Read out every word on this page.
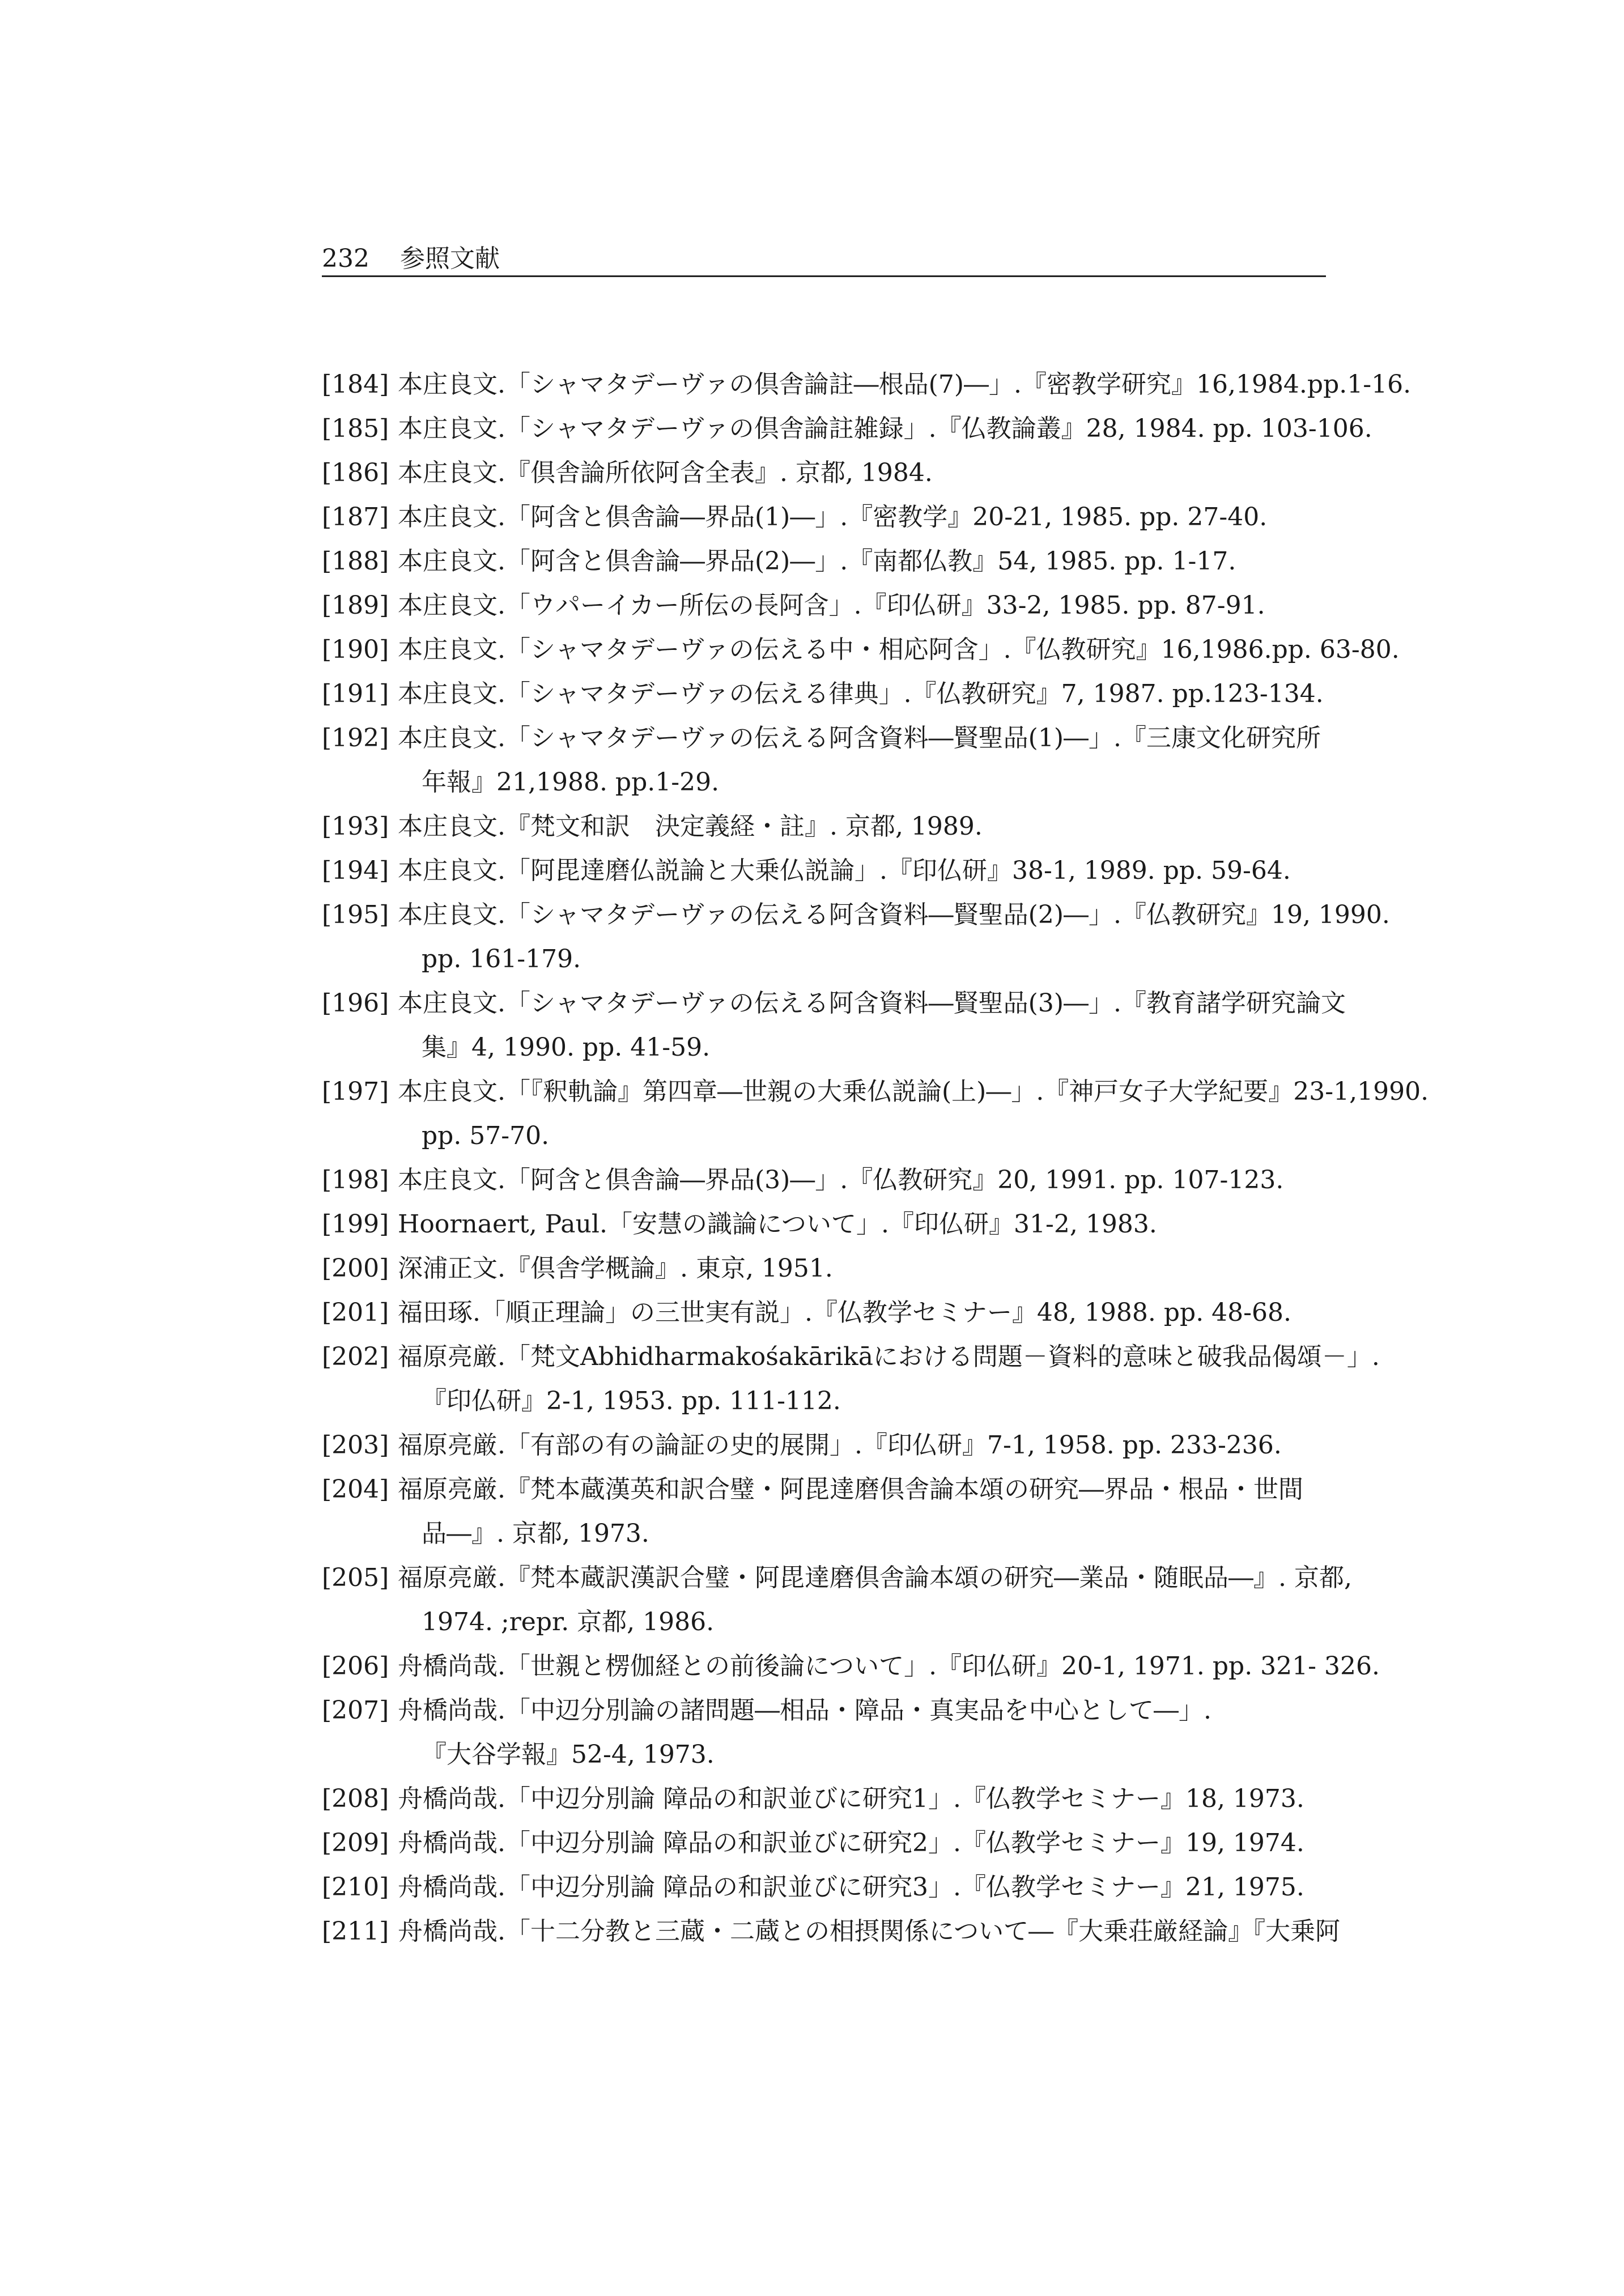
232 参照文献
[184] 本庄良文.「シャマタデーヴァの倶舎論註―根品(7)―」.『密教学研究』16,1984.pp.1-16.
[185] 本庄良文.「シャマタデーヴァの倶舎論註雑録」.『仏教論叢』28, 1984. pp. 103-106.
[186] 本庄良文.『倶舎論所依阿含全表』. 京都, 1984.
[187] 本庄良文.「阿含と倶舎論―界品(1)―」.『密教学』20-21, 1985. pp. 27-40.
[188] 本庄良文.「阿含と倶舎論―界品(2)―」.『南都仏教』54, 1985. pp. 1-17.
[189] 本庄良文.「ウパーイカー所伝の長阿含」.『印仏研』33-2, 1985. pp. 87-91.
[190] 本庄良文.「シャマタデーヴァの伝える中・相応阿含」.『仏教研究』16,1986.pp. 63-80.
[191] 本庄良文.「シャマタデーヴァの伝える律典」.『仏教研究』7, 1987. pp.123-134.
[192] 本庄良文.「シャマタデーヴァの伝える阿含資料―賢聖品(1)―」.『三康文化研究所
年報』21,1988. pp.1-29.
[193] 本庄良文.『梵文和訳　決定義経・註』. 京都, 1989.
[194] 本庄良文.「阿毘達磨仏説論と大乗仏説論」.『印仏研』38-1, 1989. pp. 59-64.
[195] 本庄良文.「シャマタデーヴァの伝える阿含資料―賢聖品(2)―」.『仏教研究』19, 1990.
pp. 161-179.
[196] 本庄良文.「シャマタデーヴァの伝える阿含資料―賢聖品(3)―」.『教育諸学研究論文
集』4, 1990. pp. 41-59.
[197] 本庄良文.「『釈軌論』第四章―世親の大乗仏説論(上)―」.『神戸女子大学紀要』23-1,1990.
pp. 57-70.
[198] 本庄良文.「阿含と倶舎論―界品(3)―」.『仏教研究』20, 1991. pp. 107-123.
[199] Hoornaert, Paul.「安慧の識論について」.『印仏研』31-2, 1983.
[200] 深浦正文.『倶舎学概論』. 東京, 1951.
[201] 福田琢.「順正理論」の三世実有説」.『仏教学セミナー』48, 1988. pp. 48-68.
[202] 福原亮厳.「梵文Abhidharmakośakārikāにおける問題－資料的意味と破我品偈頌－」.
『印仏研』2-1, 1953. pp. 111-112.
[203] 福原亮厳.「有部の有の論証の史的展開」.『印仏研』7-1, 1958. pp. 233-236.
[204] 福原亮厳.『梵本蔵漢英和訳合璧・阿毘達磨倶舎論本頌の研究―界品・根品・世間
品―』. 京都, 1973.
[205] 福原亮厳.『梵本蔵訳漢訳合璧・阿毘達磨倶舎論本頌の研究―業品・随眠品―』. 京都,
1974. ;repr. 京都, 1986.
[206] 舟橋尚哉.「世親と楞伽経との前後論について」.『印仏研』20-1, 1971. pp. 321- 326.
[207] 舟橋尚哉.「中辺分別論の諸問題―相品・障品・真実品を中心として―」.
『大谷学報』52-4, 1973.
[208] 舟橋尚哉.「中辺分別論 障品の和訳並びに研究1」.『仏教学セミナー』18, 1973.
[209] 舟橋尚哉.「中辺分別論 障品の和訳並びに研究2」.『仏教学セミナー』19, 1974.
[210] 舟橋尚哉.「中辺分別論 障品の和訳並びに研究3」.『仏教学セミナー』21, 1975.
[211] 舟橋尚哉.「十二分教と三蔵・二蔵との相摂関係について―『大乗荘厳経論』『大乗阿
